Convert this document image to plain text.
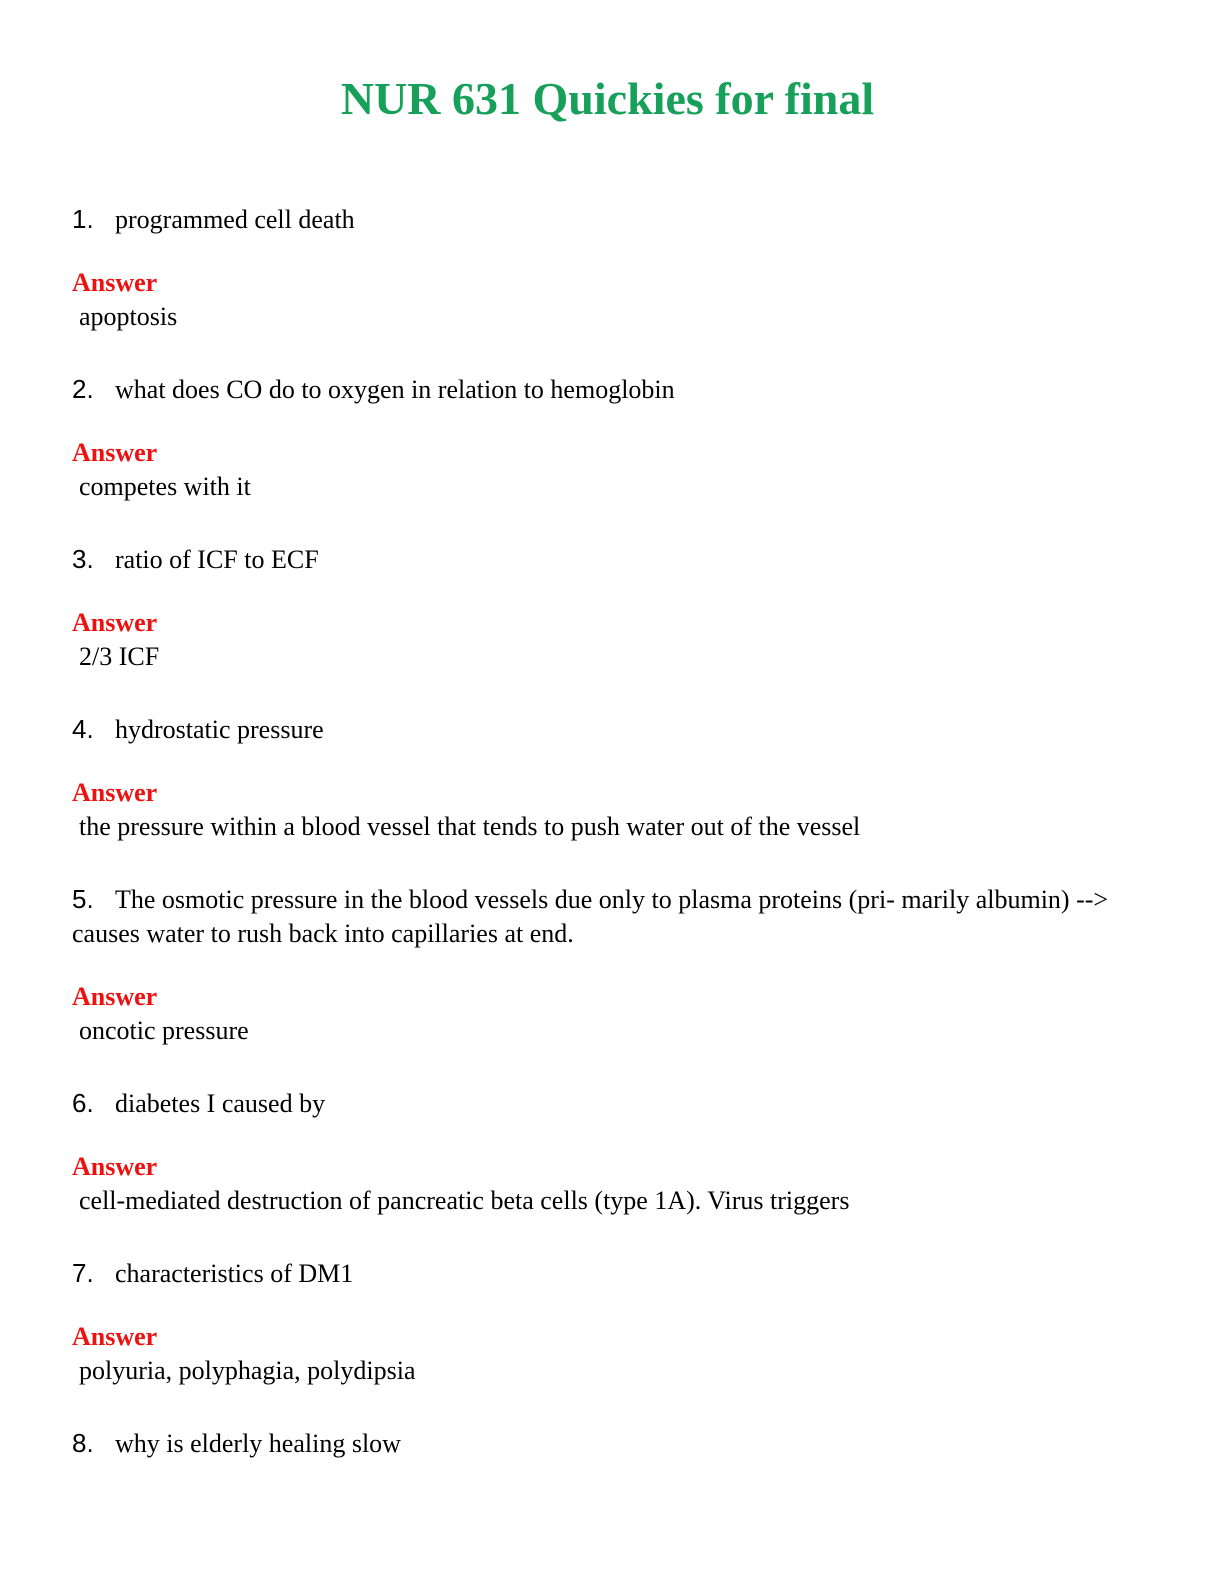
NUR 631 Quickies for final
1. programmed cell death
Answer
apoptosis
2. what does CO do to oxygen in relation to hemoglobin
Answer
competes with it
3. ratio of ICF to ECF
Answer
2/3 ICF
4. hydrostatic pressure
Answer
the pressure within a blood vessel that tends to push water out of the vessel
5. The osmotic pressure in the blood vessels due only to plasma proteins (pri- marily albumin) --> causes water to rush back into capillaries at end.
Answer
oncotic pressure
6. diabetes I caused by
Answer
cell-mediated destruction of pancreatic beta cells (type 1A). Virus triggers
7. characteristics of DM1
Answer
polyuria, polyphagia, polydipsia
8. why is elderly healing slow
